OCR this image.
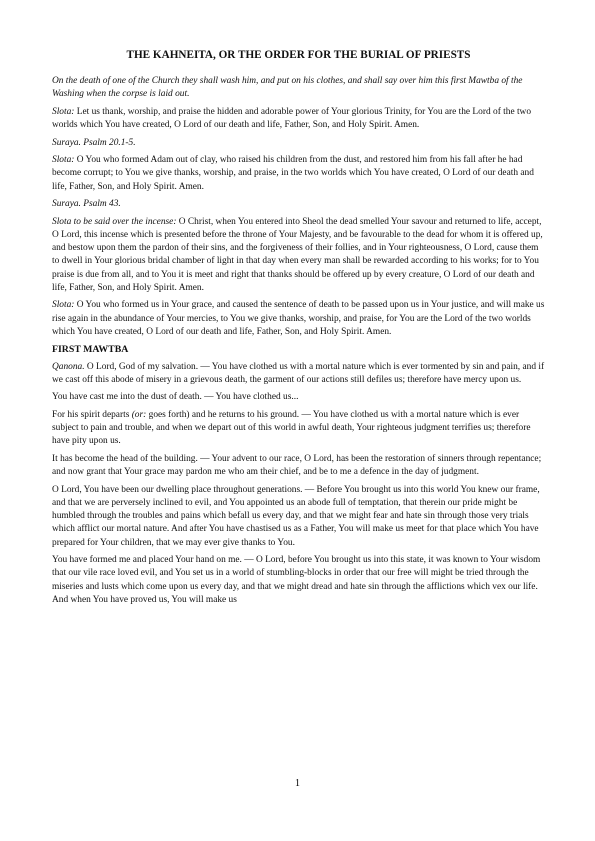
THE KAHNEITA, OR THE ORDER FOR THE BURIAL OF PRIESTS

On the death of one of the Church they shall wash him, and put on his clothes, and shall say over him this first Mawtba of the Washing when the corpse is laid out.

Slota: Let us thank, worship, and praise the hidden and adorable power of Your glorious Trinity, for You are the Lord of the two worlds which You have created, O Lord of our death and life, Father, Son, and Holy Spirit. Amen.

Suraya. Psalm 20.1-5.

Slota: O You who formed Adam out of clay, who raised his children from the dust, and restored him from his fall after he had become corrupt; to You we give thanks, worship, and praise, in the two worlds which You have created, O Lord of our death and life, Father, Son, and Holy Spirit. Amen.

Suraya. Psalm 43.

Slota to be said over the incense: O Christ, when You entered into Sheol the dead smelled Your savour and returned to life, accept, O Lord, this incense which is presented before the throne of Your Majesty, and be favourable to the dead for whom it is offered up, and bestow upon them the pardon of their sins, and the forgiveness of their follies, and in Your righteousness, O Lord, cause them to dwell in Your glorious bridal chamber of light in that day when every man shall be rewarded according to his works; for to You praise is due from all, and to You it is meet and right that thanks should be offered up by every creature, O Lord of our death and life, Father, Son, and Holy Spirit. Amen.

Slota: O You who formed us in Your grace, and caused the sentence of death to be passed upon us in Your justice, and will make us rise again in the abundance of Your mercies, to You we give thanks, worship, and praise, for You are the Lord of the two worlds which You have created, O Lord of our death and life, Father, Son, and Holy Spirit. Amen.

FIRST MAWTBA

Qanona. O Lord, God of my salvation. — You have clothed us with a mortal nature which is ever tormented by sin and pain, and if we cast off this abode of misery in a grievous death, the garment of our actions still defiles us; therefore have mercy upon us.

You have cast me into the dust of death. — You have clothed us...

For his spirit departs (or: goes forth) and he returns to his ground. — You have clothed us with a mortal nature which is ever subject to pain and trouble, and when we depart out of this world in awful death, Your righteous judgment terrifies us; therefore have pity upon us.

It has become the head of the building. — Your advent to our race, O Lord, has been the restoration of sinners through repentance; and now grant that Your grace may pardon me who am their chief, and be to me a defence in the day of judgment.

O Lord, You have been our dwelling place throughout generations. — Before You brought us into this world You knew our frame, and that we are perversely inclined to evil, and You appointed us an abode full of temptation, that therein our pride might be humbled through the troubles and pains which befall us every day, and that we might fear and hate sin through those very trials which afflict our mortal nature. And after You have chastised us as a Father, You will make us meet for that place which You have prepared for Your children, that we may ever give thanks to You.

You have formed me and placed Your hand on me. — O Lord, before You brought us into this state, it was known to Your wisdom that our vile race loved evil, and You set us in a world of stumbling-blocks in order that our free will might be tried through the miseries and lusts which come upon us every day, and that we might dread and hate sin through the afflictions which vex our life. And when You have proved us, You will make us

1
